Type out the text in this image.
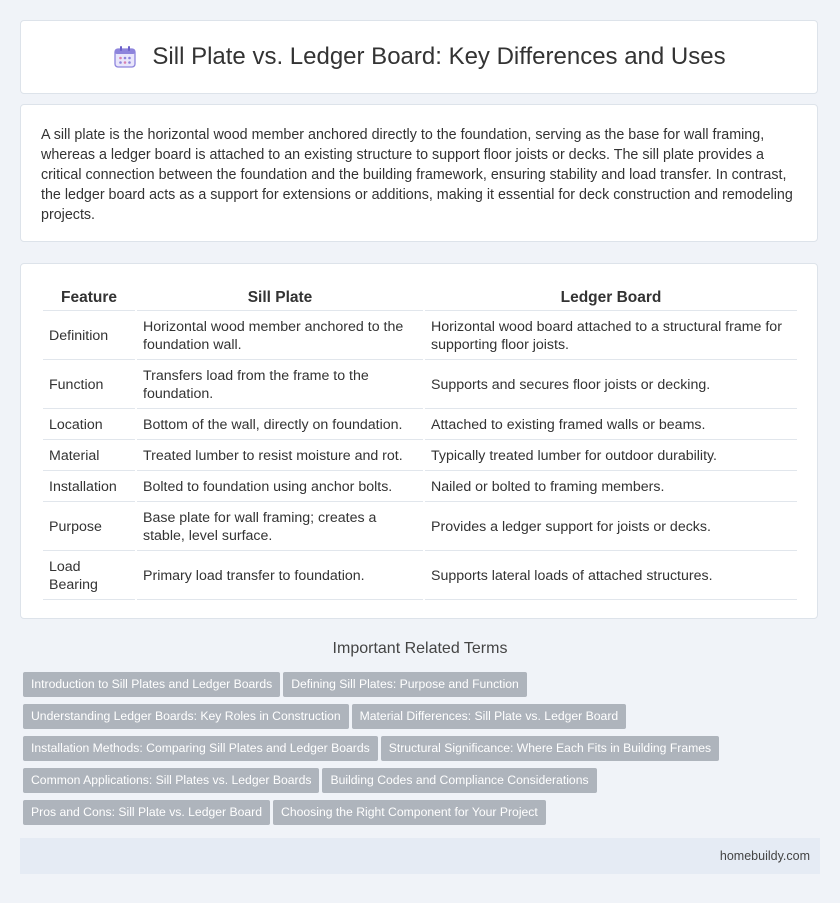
Sill Plate vs. Ledger Board: Key Differences and Uses

A sill plate is the horizontal wood member anchored directly to the foundation, serving as the base for wall framing, whereas a ledger board is attached to an existing structure to support floor joists or decks. The sill plate provides a critical connection between the foundation and the building framework, ensuring stability and load transfer. In contrast, the ledger board acts as a support for extensions or additions, making it essential for deck construction and remodeling projects.

Feature	Sill Plate	Ledger Board
Definition	Horizontal wood member anchored to the foundation wall.	Horizontal wood board attached to a structural frame for supporting floor joists.
Function	Transfers load from the frame to the foundation.	Supports and secures floor joists or decking.
Location	Bottom of the wall, directly on foundation.	Attached to existing framed walls or beams.
Material	Treated lumber to resist moisture and rot.	Typically treated lumber for outdoor durability.
Installation	Bolted to foundation using anchor bolts.	Nailed or bolted to framing members.
Purpose	Base plate for wall framing; creates a stable, level surface.	Provides a ledger support for joists or decks.
Load Bearing	Primary load transfer to foundation.	Supports lateral loads of attached structures.
Important Related Terms
Introduction to Sill Plates and Ledger Boards Defining Sill Plates: Purpose and Function
Understanding Ledger Boards: Key Roles in Construction Material Differences: Sill Plate vs. Ledger Board
Installation Methods: Comparing Sill Plates and Ledger Boards Structural Significance: Where Each Fits in Building Frames
Common Applications: Sill Plates vs. Ledger Boards Building Codes and Compliance Considerations
Pros and Cons: Sill Plate vs. Ledger Board Choosing the Right Component for Your Project
homebuildy.com
